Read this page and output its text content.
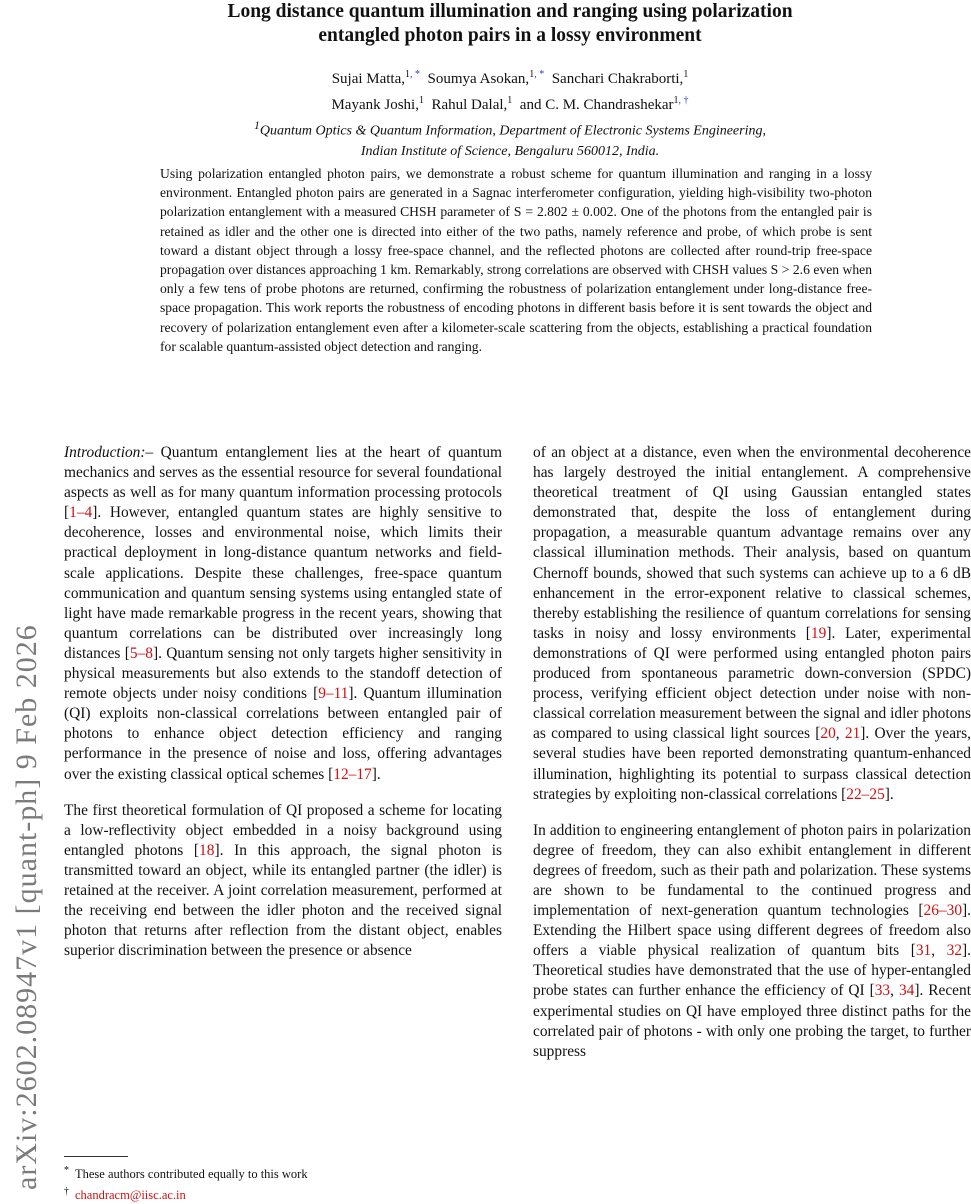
arXiv:2602.08947v1 [quant-ph] 9 Feb 2026
Long distance quantum illumination and ranging using polarization
entangled photon pairs in a lossy environment
Sujai Matta,$^{1, *}$ Soumya Asokan,$^{1, *}$ Sanchari Chakraborti,$^1$
Mayank Joshi,$^1$ Rahul Dalal,$^1$ and C. M. Chandrashekar$^{1, \dagger}$
$^1$Quantum Optics & Quantum Information, Department of Electronic Systems Engineering,
Indian Institute of Science, Bengaluru 560012, India.
Using polarization entangled photon pairs, we demonstrate a robust scheme for quantum illumination and ranging in a lossy environment. Entangled photon pairs are generated in a Sagnac interferometer configuration, yielding high-visibility two-photon polarization entanglement with a measured CHSH parameter of S = 2.802 ± 0.002. One of the photons from the entangled pair is retained as idler and the other one is directed into either of the two paths, namely reference and probe, of which probe is sent toward a distant object through a lossy free-space channel, and the reflected photons are collected after round-trip free-space propagation over distances approaching 1 km. Remarkably, strong correlations are observed with CHSH values S > 2.6 even when only a few tens of probe photons are returned, confirming the robustness of polarization entanglement under long-distance free-space propagation. This work reports the robustness of encoding photons in different basis before it is sent towards the object and recovery of polarization entanglement even after a kilometer-scale scattering from the objects, establishing a practical foundation for scalable quantum-assisted object detection and ranging.

Introduction:– Quantum entanglement lies at the heart of quantum mechanics and serves as the essential resource for several foundational aspects as well as for many quantum information processing protocols [1–4]. However, entangled quantum states are highly sensitive to decoherence, losses and environmental noise, which limits their practical deployment in long-distance quantum networks and field-scale applications. Despite these challenges, free-space quantum communication and quantum sensing systems using entangled state of light have made remarkable progress in the recent years, showing that quantum correlations can be distributed over increasingly long distances [5–8]. Quantum sensing not only targets higher sensitivity in physical measurements but also extends to the standoff detection of remote objects under noisy conditions [9–11]. Quantum illumination (QI) exploits non-classical correlations between entangled pair of photons to enhance object detection efficiency and ranging performance in the presence of noise and loss, offering advantages over the existing classical optical schemes [12–17].

The first theoretical formulation of QI proposed a scheme for locating a low-reflectivity object embedded in a noisy background using entangled photons [18]. In this approach, the signal photon is transmitted toward an object, while its entangled partner (the idler) is retained at the receiver. A joint correlation measurement, performed at the receiving end between the idler photon and the received signal photon that returns after reflection from the distant object, enables superior discrimination between the presence or absence

of an object at a distance, even when the environmental decoherence has largely destroyed the initial entanglement. A comprehensive theoretical treatment of QI using Gaussian entangled states demonstrated that, despite the loss of entanglement during propagation, a measurable quantum advantage remains over any classical illumination methods. Their analysis, based on quantum Chernoff bounds, showed that such systems can achieve up to a 6 dB enhancement in the error-exponent relative to classical schemes, thereby establishing the resilience of quantum correlations for sensing tasks in noisy and lossy environments [19]. Later, experimental demonstrations of QI were performed using entangled photon pairs produced from spontaneous parametric down-conversion (SPDC) process, verifying efficient object detection under noise with non-classical correlation measurement between the signal and idler photons as compared to using classical light sources [20, 21]. Over the years, several studies have been reported demonstrating quantum-enhanced illumination, highlighting its potential to surpass classical detection strategies by exploiting non-classical correlations [22–25].

In addition to engineering entanglement of photon pairs in polarization degree of freedom, they can also exhibit entanglement in different degrees of freedom, such as their path and polarization. These systems are shown to be fundamental to the continued progress and implementation of next-generation quantum technologies [26–30]. Extending the Hilbert space using different degrees of freedom also offers a viable physical realization of quantum bits [31, 32]. Theoretical studies have demonstrated that the use of hyper-entangled probe states can further enhance the efficiency of QI [33, 34]. Recent experimental studies on QI have employed three distinct paths for the correlated pair of photons - with only one probing the target, to further suppress

* These authors contributed equally to this work
† chandracm@iisc.ac.in
